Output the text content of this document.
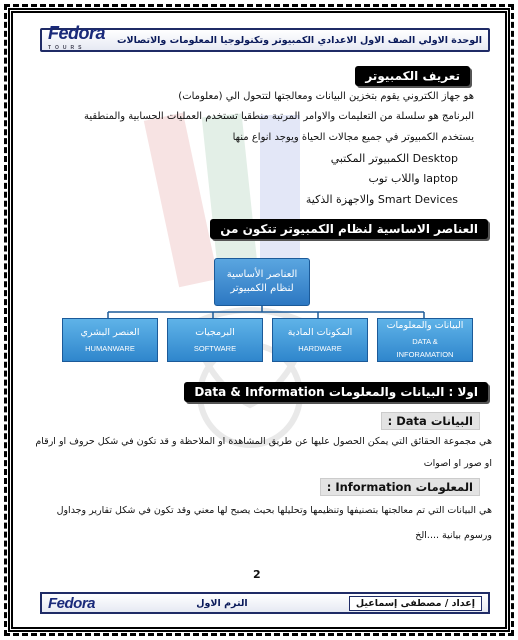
Fedora
TOURS
الوحدة الاولي الصف الاول الاعدادي الكمبيوتر وتكنولوجيا المعلومات والاتصالات
تعريف الكمبيوتر
هو جهاز الكتروني يقوم بتخزين البيانات ومعالجتها لتتحول الي (معلومات)
البرنامج هو سلسلة من التعليمات والاوامر المرتبة منطقيا تستخدم العمليات الحسابية والمنطقية
يستخدم الكمبيوتر في جميع مجالات الحياة ويوجد انواع منها
Desktop الكمبيوتر المكتبي
laptop واللاب توب
Smart Devices والاجهزة الذكية
العناصر الاساسية لنظام الكمبيوتر تتكون من
العناصر الأساسية
لنظام الكمبيوتر
العنصر البشري
HUMANWARE
البرمجيات
SOFTWARE
المكونات المادية
HARDWARE
البيانات والمعلومات
DATA &
INFORAMATION
اولا : البيانات والمعلومات Data & Information
البيانات Data :
هي مجموعة الحقائق التي يمكن الحصول عليها عن طريق المشاهدة او الملاحظة و قد تكون في شكل حروف او ارقام
او صور او اصوات
المعلومات Information :
هي البيانات التي تم معالجتها بتصنيفها وتنظيمها وتحليلها بحيث يصبح لها معني وقد تكون في شكل تقارير وجداول
ورسوم بيانية ....الخ
2
Fedora	الترم الاول	إعداد / مصطفى إسماعيل
